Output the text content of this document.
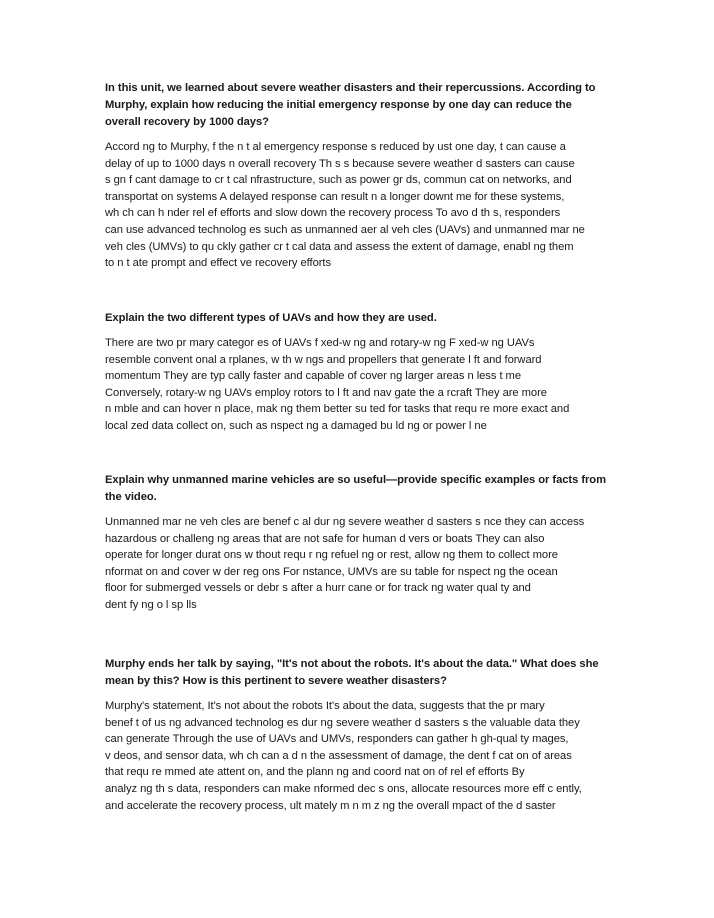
In this unit, we learned about severe weather disasters and their repercussions. According to
Murphy, explain how reducing the initial emergency response by one day can reduce the
overall recovery by 1000 days?

Accord ng to Murphy, f the n t al emergency response s reduced by ust one day, t can cause a
delay of up to 1000 days n overall recovery Th s s because severe weather d sasters can cause
s gn f cant damage to cr t cal nfrastructure, such as power gr ds, commun cat on networks, and
transportat on systems A delayed response can result n a longer downt me for these systems,
wh ch can h nder rel ef efforts and slow down the recovery process To avo d th s, responders
can use advanced technolog es such as unmanned aer al veh cles (UAVs) and unmanned mar ne
veh cles (UMVs) to qu ckly gather cr t cal data and assess the extent of damage, enabl ng them
to n t ate prompt and effect ve recovery efforts

Explain the two different types of UAVs and how they are used.

There are two pr mary categor es of UAVs f xed-w ng and rotary-w ng F xed-w ng UAVs
resemble convent onal a rplanes, w th w ngs and propellers that generate l ft and forward
momentum They are typ cally faster and capable of cover ng larger areas n less t me
Conversely, rotary-w ng UAVs employ rotors to l ft and nav gate the a rcraft They are more
n mble and can hover n place, mak ng them better su ted for tasks that requ re more exact and
local zed data collect on, such as nspect ng a damaged bu ld ng or power l ne

Explain why unmanned marine vehicles are so useful—provide specific examples or facts from
the video.

Unmanned mar ne veh cles are benef c al dur ng severe weather d sasters s nce they can access
hazardous or challeng ng areas that are not safe for human d vers or boats They can also
operate for longer durat ons w thout requ r ng refuel ng or rest, allow ng them to collect more
nformat on and cover w der reg ons For nstance, UMVs are su table for nspect ng the ocean
floor for submerged vessels or debr s after a hurr cane or for track ng water qual ty and
dent fy ng o l sp lls

Murphy ends her talk by saying, "It's not about the robots. It's about the data." What does she
mean by this? How is this pertinent to severe weather disasters?

Murphy's statement, It's not about the robots It's about the data, suggests that the pr mary
benef t of us ng advanced technolog es dur ng severe weather d sasters s the valuable data they
can generate Through the use of UAVs and UMVs, responders can gather h gh-qual ty mages,
v deos, and sensor data, wh ch can a d n the assessment of damage, the dent f cat on of areas
that requ re mmed ate attent on, and the plann ng and coord nat on of rel ef efforts By
analyz ng th s data, responders can make nformed dec s ons, allocate resources more eff c ently,
and accelerate the recovery process, ult mately m n m z ng the overall mpact of the d saster
